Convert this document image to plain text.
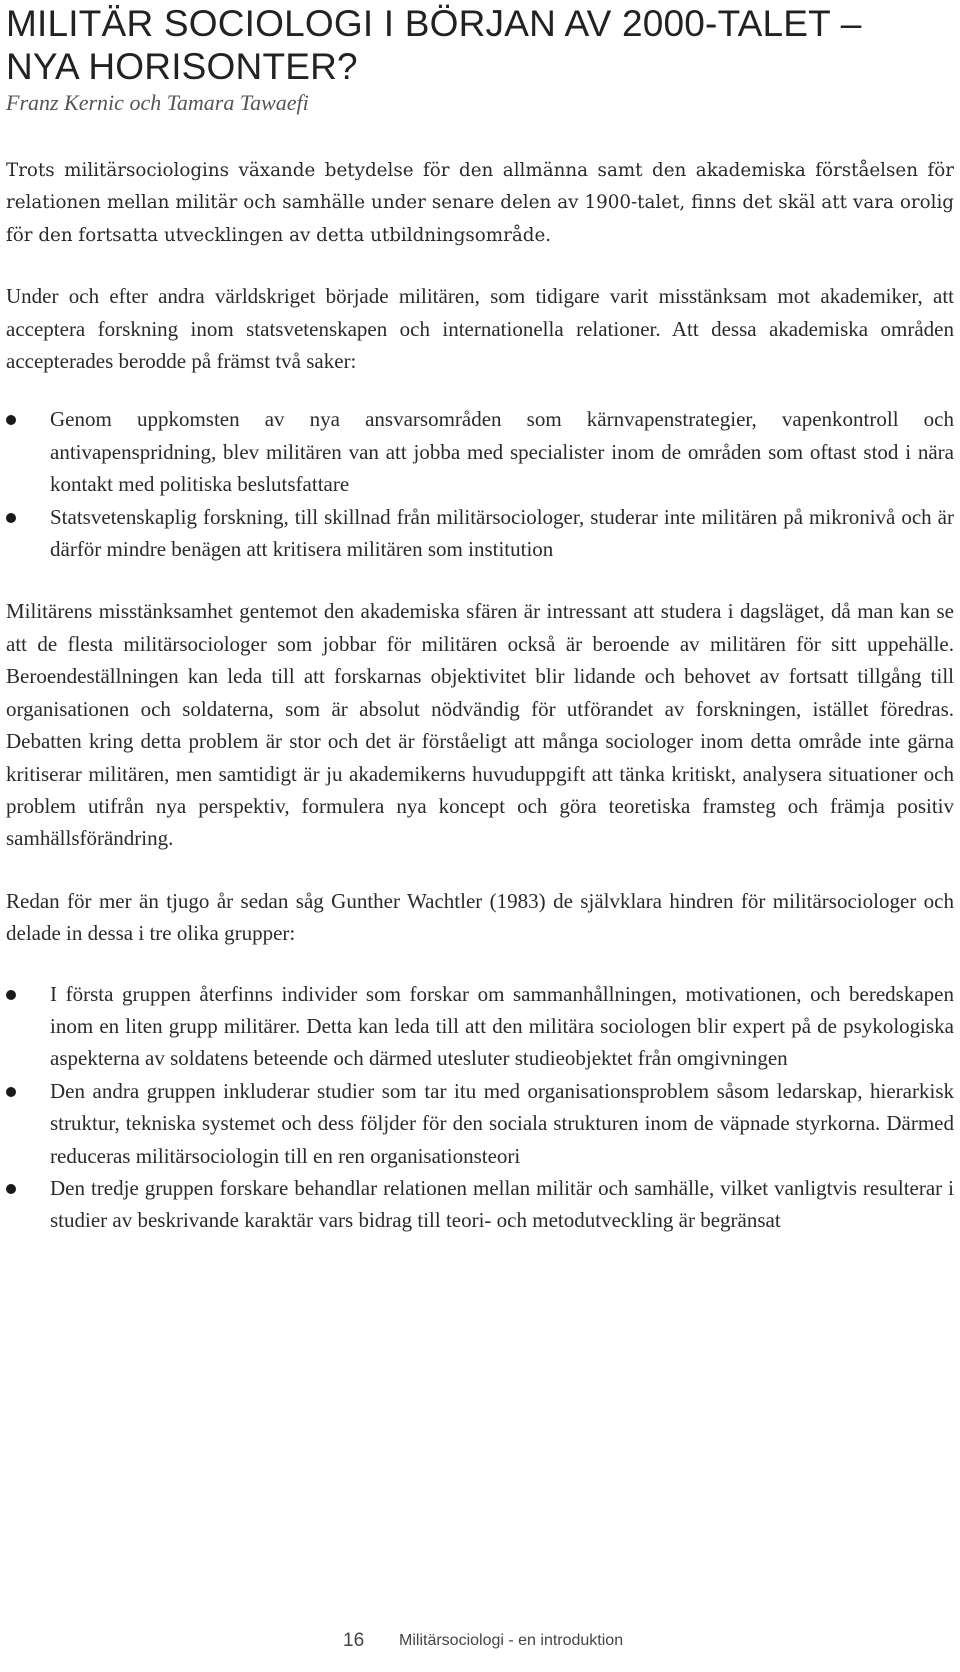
MILITÄR SOCIOLOGI I BÖRJAN AV 2000-TALET –
NYA HORISONTER?
Franz Kernic och Tamara Tawaefi

Trots militärsociologins växande betydelse för den allmänna samt den akademiska förståelsen för relationen mellan militär och samhälle under senare delen av 1900-talet, finns det skäl att vara orolig för den fortsatta utvecklingen av detta utbildningsområde.

Under och efter andra världskriget började militären, som tidigare varit misstänksam mot akademiker, att acceptera forskning inom statsvetenskapen och internationella relationer. Att dessa akademiska områden accepterades berodde på främst två saker:

Genom uppkomsten av nya ansvarsområden som kärnvapenstrategier, vapenkontroll och antivapenspridning, blev militären van att jobba med specialister inom de områden som oftast stod i nära kontakt med politiska beslutsfattare
Statsvetenskaplig forskning, till skillnad från militärsociologer, studerar inte militären på mikronivå och är därför mindre benägen att kritisera militären som institution

Militärens misstänksamhet gentemot den akademiska sfären är intressant att studera i dagsläget, då man kan se att de flesta militärsociologer som jobbar för militären också är beroende av militären för sitt uppehälle. Beroendeställningen kan leda till att forskarnas objektivitet blir lidande och behovet av fortsatt tillgång till organisationen och soldaterna, som är absolut nödvändig för utförandet av forskningen, istället föredras. Debatten kring detta problem är stor och det är förståeligt att många sociologer inom detta område inte gärna kritiserar militären, men samtidigt är ju akademikerns huvuduppgift att tänka kritiskt, analysera situationer och problem utifrån nya perspektiv, formulera nya koncept och göra teoretiska framsteg och främja positiv samhällsförändring.

Redan för mer än tjugo år sedan såg Gunther Wachtler (1983) de självklara hindren för militärsociologer och delade in dessa i tre olika grupper:

I första gruppen återfinns individer som forskar om sammanhållningen, motivationen, och beredskapen inom en liten grupp militärer. Detta kan leda till att den militära sociologen blir expert på de psykologiska aspekterna av soldatens beteende och därmed utesluter studieobjektet från omgivningen
Den andra gruppen inkluderar studier som tar itu med organisationsproblem såsom ledarskap, hierarkisk struktur, tekniska systemet och dess följder för den sociala strukturen inom de väpnade styrkorna. Därmed reduceras militärsociologin till en ren organisationsteori
Den tredje gruppen forskare behandlar relationen mellan militär och samhälle, vilket vanligtvis resulterar i studier av beskrivande karaktär vars bidrag till teori- och metodutveckling är begränsat
16 Militärsociologi - en introduktion
